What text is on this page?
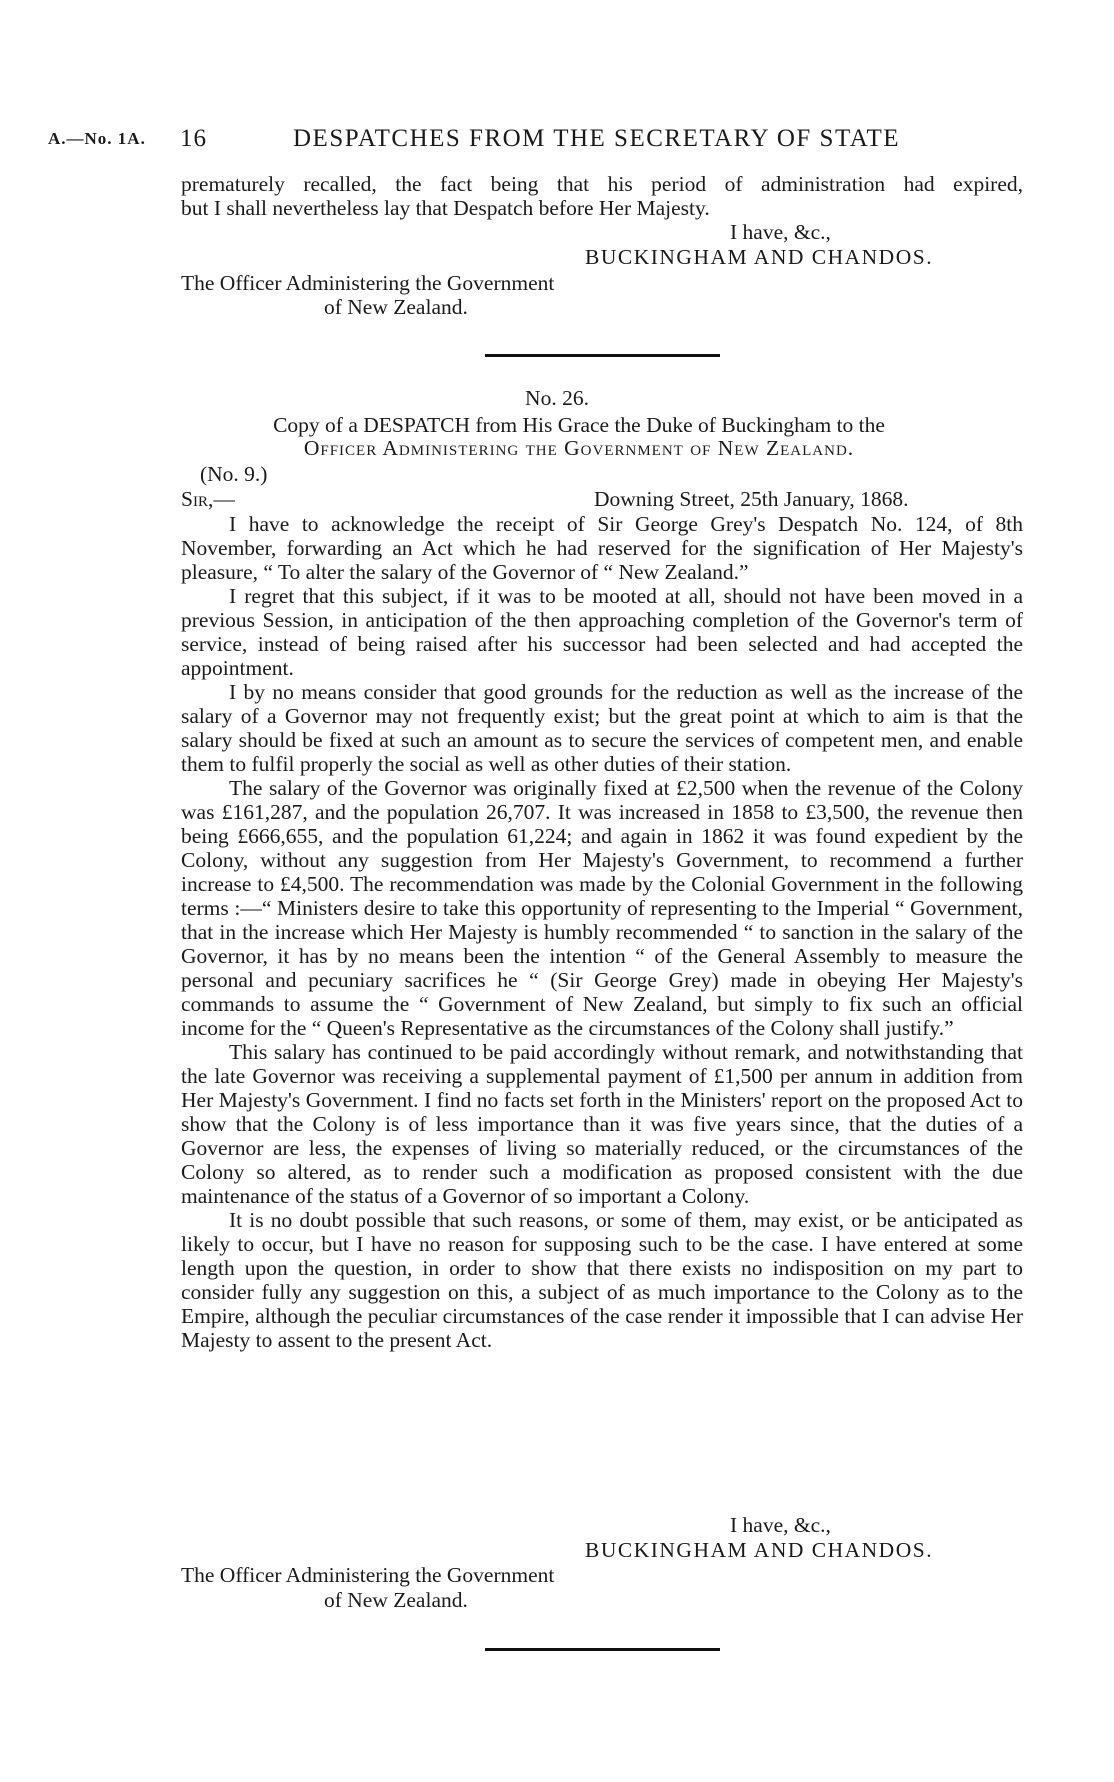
A.—No. 1A. 16	DESPATCHES FROM THE SECRETARY OF STATE
prematurely recalled, the fact being that his period of administration had expired,
but I shall nevertheless lay that Despatch before Her Majesty.
I have, &c.,
BUCKINGHAM AND CHANDOS.
The Officer Administering the Government
of New Zealand.
No. 26.
Copy of a DESPATCH from His Grace the Duke of Buckingham to the
Officer Administering the Government of New Zealand.
(No. 9.)
Sir,—	Downing Street, 25th January, 1868.

I have to acknowledge the receipt of Sir George Grey's Despatch No. 124, of 8th November, forwarding an Act which he had reserved for the signification of Her Majesty's pleasure, “ To alter the salary of the Governor of “ New Zealand.”

I regret that this subject, if it was to be mooted at all, should not have been moved in a previous Session, in anticipation of the then approaching completion of the Governor's term of service, instead of being raised after his successor had been selected and had accepted the appointment.

I by no means consider that good grounds for the reduction as well as the increase of the salary of a Governor may not frequently exist; but the great point at which to aim is that the salary should be fixed at such an amount as to secure the services of competent men, and enable them to fulfil properly the social as well as other duties of their station.

The salary of the Governor was originally fixed at £2,500 when the revenue of the Colony was £161,287, and the population 26,707. It was increased in 1858 to £3,500, the revenue then being £666,655, and the population 61,224; and again in 1862 it was found expedient by the Colony, without any suggestion from Her Majesty's Government, to recommend a further increase to £4,500. The recommendation was made by the Colonial Government in the following terms :—“ Ministers desire to take this opportunity of representing to the Imperial “ Government, that in the increase which Her Majesty is humbly recommended “ to sanction in the salary of the Governor, it has by no means been the intention “ of the General Assembly to measure the personal and pecuniary sacrifices he “ (Sir George Grey) made in obeying Her Majesty's commands to assume the “ Government of New Zealand, but simply to fix such an official income for the “ Queen's Representative as the circumstances of the Colony shall justify.”

This salary has continued to be paid accordingly without remark, and notwithstanding that the late Governor was receiving a supplemental payment of £1,500 per annum in addition from Her Majesty's Government. I find no facts set forth in the Ministers' report on the proposed Act to show that the Colony is of less importance than it was five years since, that the duties of a Governor are less, the expenses of living so materially reduced, or the circumstances of the Colony so altered, as to render such a modification as proposed consistent with the due maintenance of the status of a Governor of so important a Colony.

It is no doubt possible that such reasons, or some of them, may exist, or be anticipated as likely to occur, but I have no reason for supposing such to be the case. I have entered at some length upon the question, in order to show that there exists no indisposition on my part to consider fully any suggestion on this, a subject of as much importance to the Colony as to the Empire, although the peculiar circumstances of the case render it impossible that I can advise Her Majesty to assent to the present Act.

I have, &c.,
BUCKINGHAM AND CHANDOS.
The Officer Administering the Government
of New Zealand.
